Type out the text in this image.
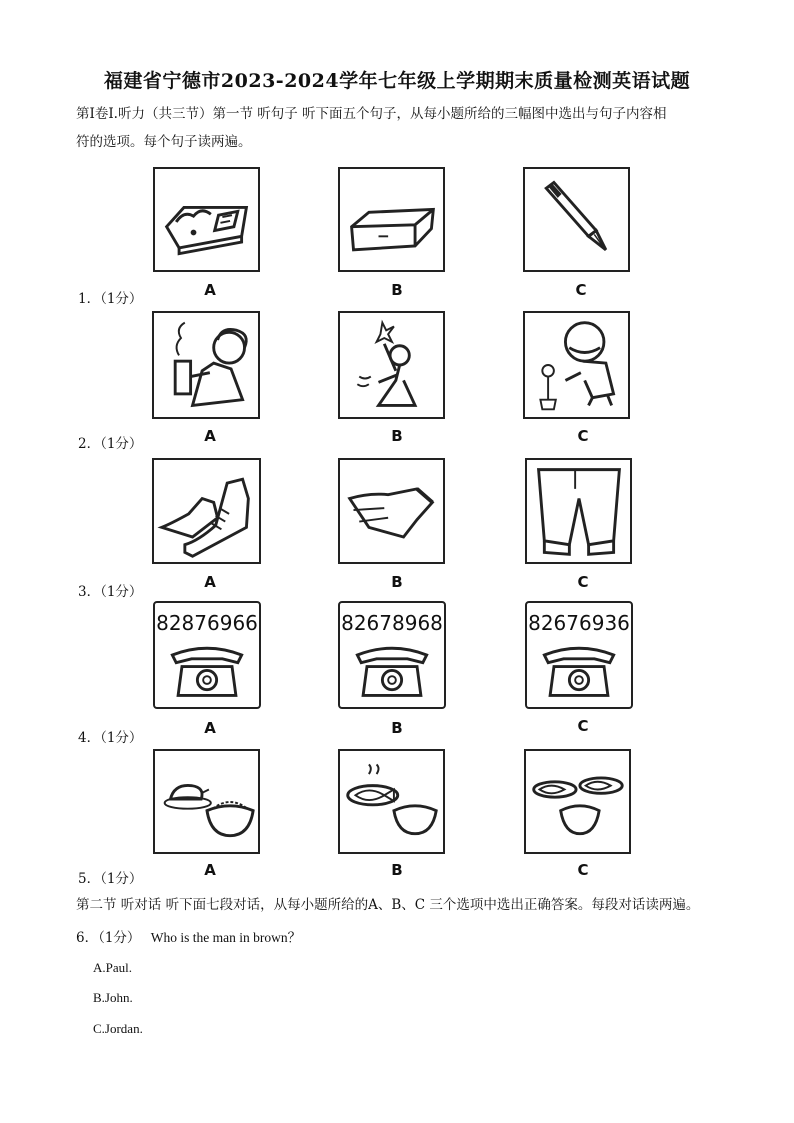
福建省宁德市2023-2024学年七年级上学期期末质量检测英语试题
第Ⅰ卷Ⅰ.听力（共三节）第一节 听句子 听下面五个句子，从每小题所给的三幅图中选出与句子内容相
符的选项。每个句子读两遍。
1．（1分）	A	B	C
2．（1分）	A	B	C
3．（1分）
A	B	C
82876966	82678968	82676936
4．（1分）
A	B	C
5．（1分）	A	B	C
第二节 听对话 听下面七段对话，从每小题所给的A、B、C 三个选项中选出正确答案。每段对话读两遍。
6．（1分） Who is the man in brown？
A.Paul.
B.John.
C.Jordan.
